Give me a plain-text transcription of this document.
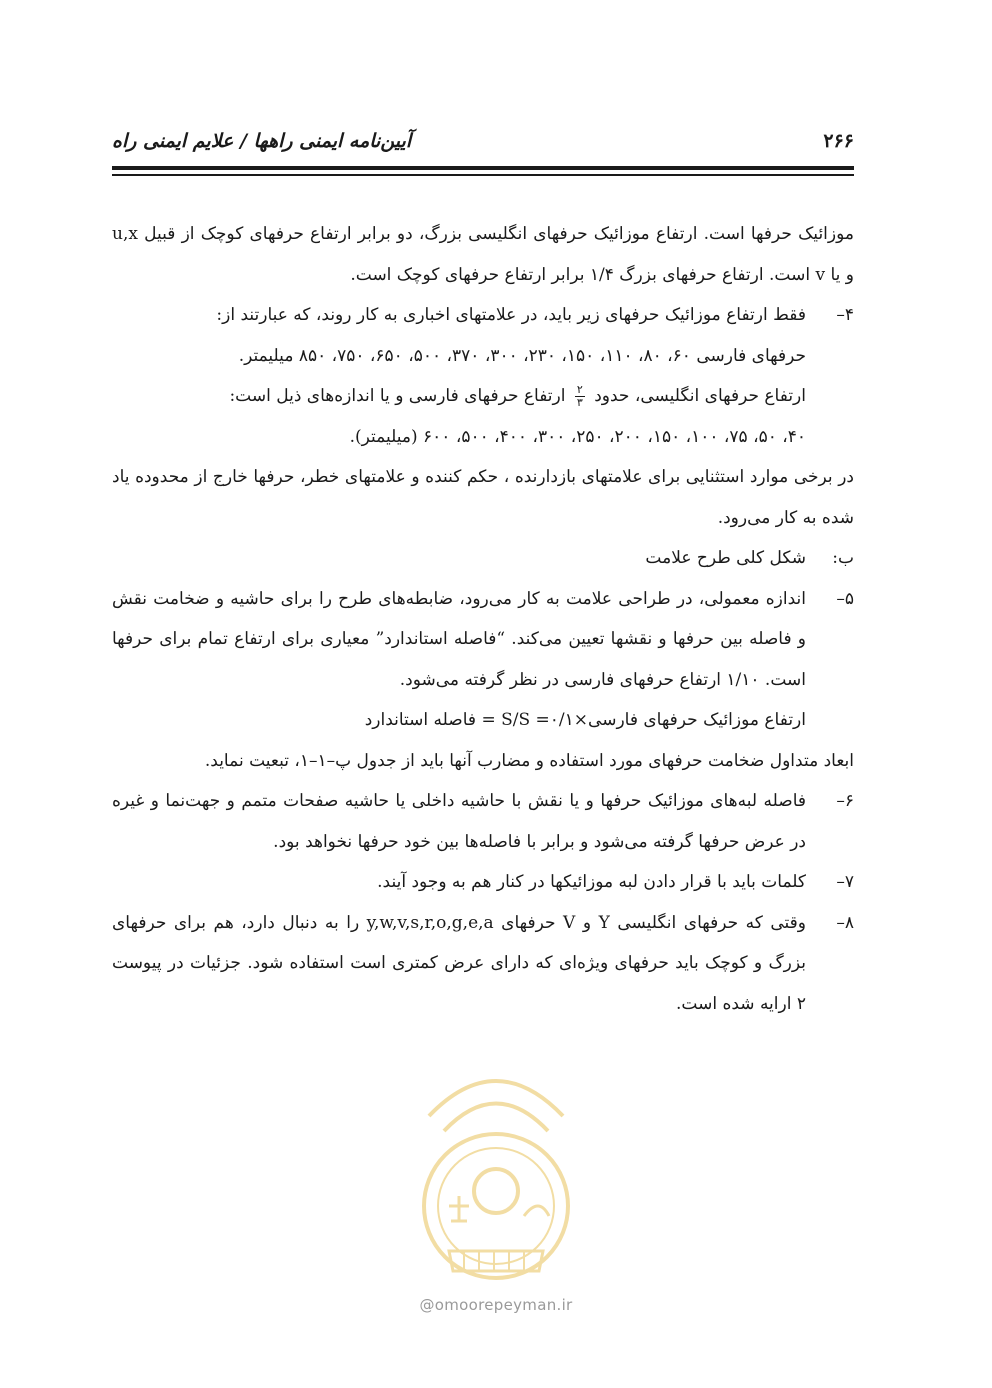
۲۶۶
آیین‌نامه ایمنی راهها / علایم ایمنی راه

موزائیک حرفها است. ارتفاع موزائیک حرفهای انگلیسی بزرگ، دو برابر ارتفاع حرفهای کوچک از قبیل u,x و یا v است. ارتفاع حرفهای بزرگ ۱/۴ برابر ارتفاع حرفهای کوچک است.

۴–

فقط ارتفاع موزائیک حرفهای زیر باید، در علامتهای اخباری به کار روند، که عبارتند از:

حرفهای فارسی ۶۰، ۸۰، ۱۱۰، ۱۵۰، ۲۳۰، ۳۰۰، ۳۷۰، ۵۰۰، ۶۵۰، ۷۵۰، ۸۵۰ میلیمتر.

ارتفاع حرفهای انگلیسی، حدود
$\frac{۲}{۳}$
ارتفاع حرفهای فارسی و یا اندازه‌های ذیل است:

۴۰، ۵۰، ۷۵، ۱۰۰، ۱۵۰، ۲۰۰، ۲۵۰، ۳۰۰، ۴۰۰، ۵۰۰، ۶۰۰ (میلیمتر).

در برخی موارد استثنایی برای علامتهای بازدارنده ، حکم کننده و علامتهای خطر، حرفها خارج از محدوده یاد شده به کار می‌رود.

ب:
شکل کلی طرح علامت
۵–

اندازه معمولی، در طراحی علامت به کار می‌رود، ضابطه‌های طرح را برای حاشیه و ضخامت نقش و فاصله بین حرفها و نقشها تعیین می‌کند. “فاصله استاندارد” معیاری برای ارتفاع تمام برای حرفها است. ۱/۱۰ ارتفاع حرفهای فارسی در نظر گرفته می‌شود.

ارتفاع موزائیک حرفهای فارسی×۰/۱= S/S = فاصله استاندارد

ابعاد متداول ضخامت حرفهای مورد استفاده و مضارب آنها باید از جدول پ–۱–۱، تبعیت نماید.

۶–

فاصله لبه‌های موزائیک حرفها و یا نقش با حاشیه داخلی یا حاشیه صفحات متمم و جهت‌نما و غیره در عرض حرفها گرفته می‌شود و برابر با فاصله‌ها بین خود حرفها نخواهد بود.

۷–

کلمات باید با قرار دادن لبه موزائیکها در کنار هم به وجود آیند.

۸–

وقتی که حرفهای انگلیسی Y و V حرفهای y,w,v,s,r,o,g,e,a را به دنبال دارد، هم برای حرفهای بزرگ و کوچک باید حرفهای ویژه‌ای که دارای عرض کمتری است استفاده شود. جزئیات در پیوست ۲ ارایه شده است.

@omoorepeyman.ir
